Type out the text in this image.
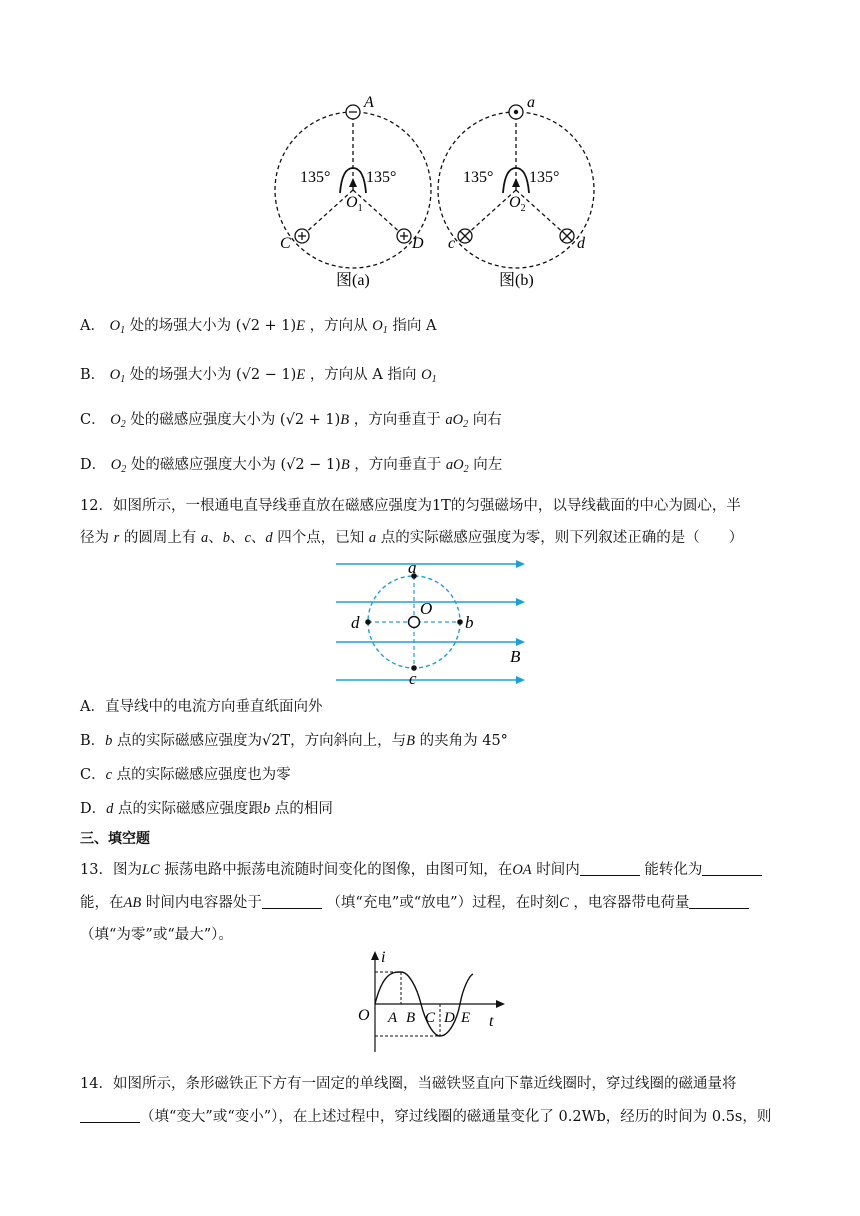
A
C	D
135° 135°
$O_1$
图(a)
a
c	d
135° 135°
$O_2$
图(b)
A． $O_1$ 处的场强大小为 (√2 + 1)E ，方向从 $O_1$ 指向 A
B． $O_1$ 处的场强大小为 (√2 − 1)E ，方向从 A 指向 $O_1$
C． $O_2$ 处的磁感应强度大小为 (√2 + 1)B ，方向垂直于 $aO_2$ 向右
D． $O_2$ 处的磁感应强度大小为 (√2 − 1)B ，方向垂直于 $aO_2$ 向左
12．如图所示，一根通电直导线垂直放在磁感应强度为1T的匀强磁场中，以导线截面的中心为圆心，半
径为 r 的圆周上有 a、b、c、d 四个点，已知 a 点的实际磁感应强度为零，则下列叙述正确的是（　　）
a
O
d	b
B
c
A．直导线中的电流方向垂直纸面向外
B．b 点的实际磁感应强度为√2T，方向斜向上，与B 的夹角为 45°
C．c 点的实际磁感应强度也为零
D．d 点的实际磁感应强度跟b 点的相同
三、填空题
13．图为LC 振荡电路中振荡电流随时间变化的图像，由图可知，在OA 时间内	能转化为
能，在AB 时间内电容器处于	（填“充电”或“放电”）过程，在时刻C ，电容器带电荷量
（填“为零”或“最大”）。
i
O A B C D E t
14．如图所示，条形磁铁正下方有一固定的单线圈，当磁铁竖直向下靠近线圈时，穿过线圈的磁通量将
（填“变大”或“变小”），在上述过程中，穿过线圈的磁通量变化了 0.2Wb，经历的时间为 0.5s，则
